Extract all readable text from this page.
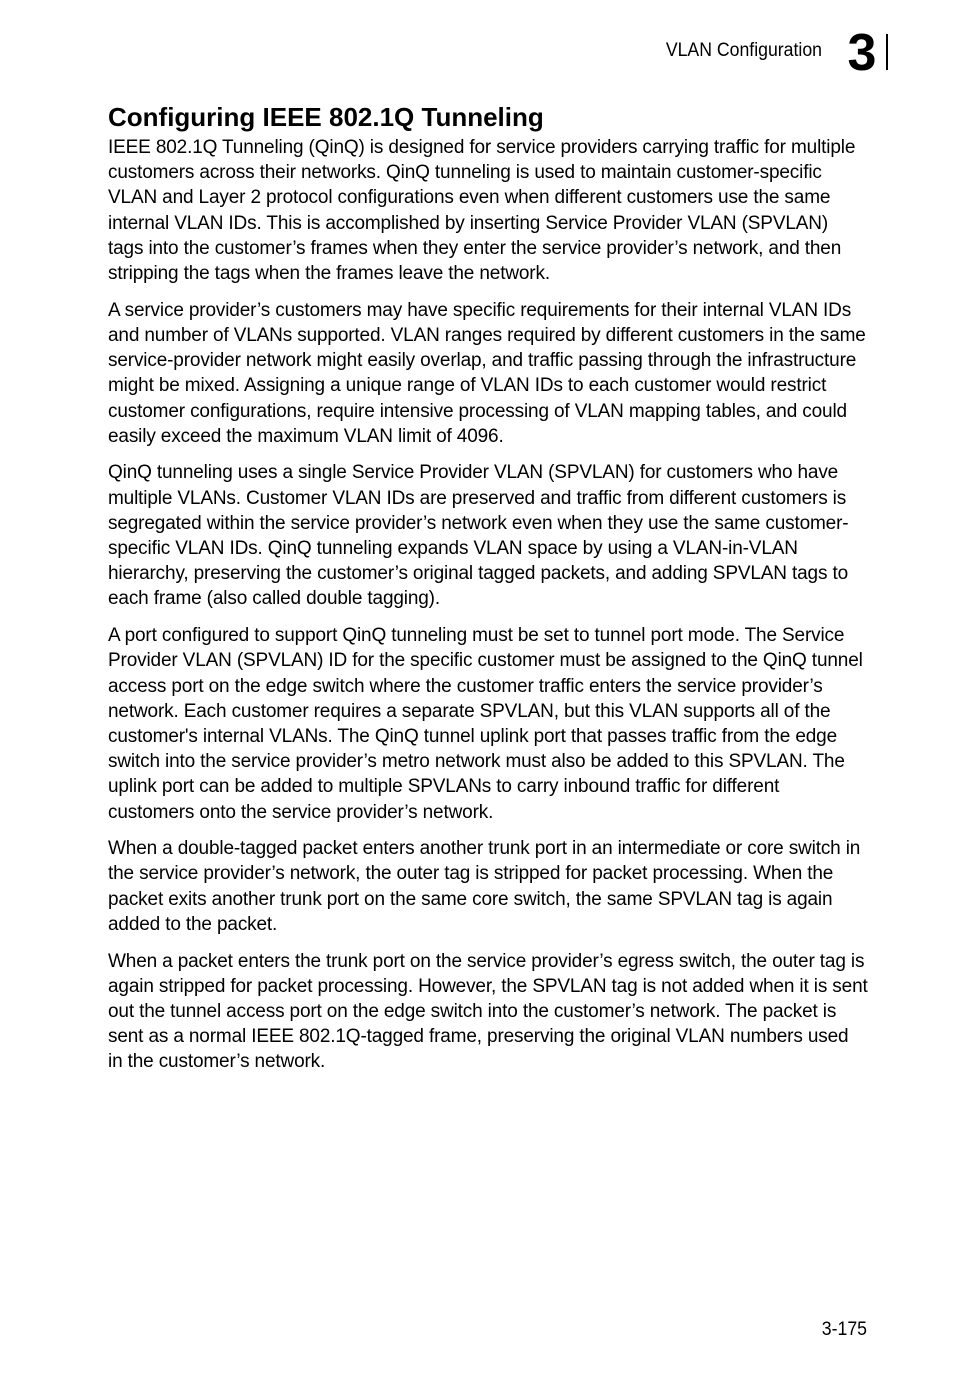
VLAN Configuration 3
Configuring IEEE 802.1Q Tunneling

IEEE 802.1Q Tunneling (QinQ) is designed for service providers carrying traffic for multiple customers across their networks. QinQ tunneling is used to maintain customer-specific VLAN and Layer 2 protocol configurations even when different customers use the same internal VLAN IDs. This is accomplished by inserting Service Provider VLAN (SPVLAN) tags into the customer’s frames when they enter the service provider’s network, and then stripping the tags when the frames leave the network.

A service provider’s customers may have specific requirements for their internal VLAN IDs and number of VLANs supported. VLAN ranges required by different customers in the same service-provider network might easily overlap, and traffic passing through the infrastructure might be mixed. Assigning a unique range of VLAN IDs to each customer would restrict customer configurations, require intensive processing of VLAN mapping tables, and could easily exceed the maximum VLAN limit of 4096.

QinQ tunneling uses a single Service Provider VLAN (SPVLAN) for customers who have multiple VLANs. Customer VLAN IDs are preserved and traffic from different customers is segregated within the service provider’s network even when they use the same customer-specific VLAN IDs. QinQ tunneling expands VLAN space by using a VLAN-in-VLAN hierarchy, preserving the customer’s original tagged packets, and adding SPVLAN tags to each frame (also called double tagging).

A port configured to support QinQ tunneling must be set to tunnel port mode. The Service Provider VLAN (SPVLAN) ID for the specific customer must be assigned to the QinQ tunnel access port on the edge switch where the customer traffic enters the service provider’s network. Each customer requires a separate SPVLAN, but this VLAN supports all of the customer's internal VLANs. The QinQ tunnel uplink port that passes traffic from the edge switch into the service provider’s metro network must also be added to this SPVLAN. The uplink port can be added to multiple SPVLANs to carry inbound traffic for different customers onto the service provider’s network.

When a double-tagged packet enters another trunk port in an intermediate or core switch in the service provider’s network, the outer tag is stripped for packet processing. When the packet exits another trunk port on the same core switch, the same SPVLAN tag is again added to the packet.

When a packet enters the trunk port on the service provider’s egress switch, the outer tag is again stripped for packet processing. However, the SPVLAN tag is not added when it is sent out the tunnel access port on the edge switch into the customer’s network. The packet is sent as a normal IEEE 802.1Q-tagged frame, preserving the original VLAN numbers used in the customer’s network.

3-175
